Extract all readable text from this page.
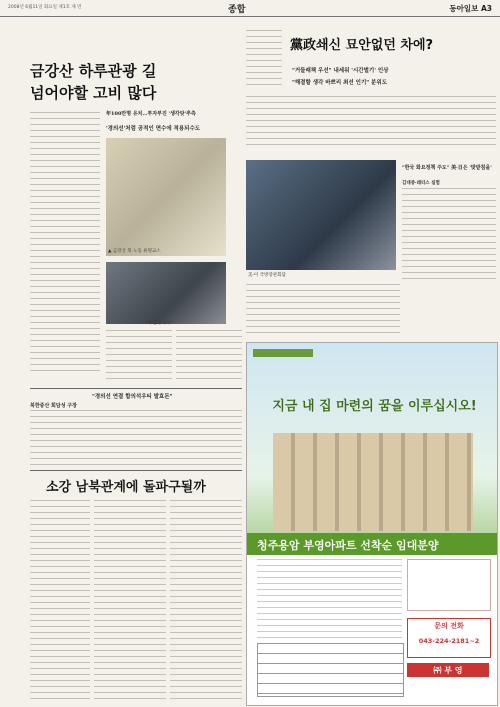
2008년 6월11일 화요일 제1호 제 면	종합	동아일보 A3
금강산 하루관광 길
넘어야할 고비 많다
年100만명 유치…투자부진 '생각탓'추측
'경의선'처럼 공적인 면수에 적용되수도
▲ 금강산 북 노동 류명교스
"이 금강니다"
"경의선 연결 합의석우티 발효돈"
북한중산 회담성 구장
소강 남북관계에 돌파구될까
黨政쇄신 묘안없던 차에?
"거들래책 우선" 내세워 '시간벌기' 인상
"해결할 생각 바쁘리 최선 인기" 분위도
美·이 국방장관회담
"한국 화요정책 주도" 美·日은 '맞받침을'
김대중·레터스 실험
지금 내 집 마련의 꿈을 이루십시오!
청주용암 부영아파트 선착순 임대분양
문의 전화
043-224-2181~2
㈜ 부 영
